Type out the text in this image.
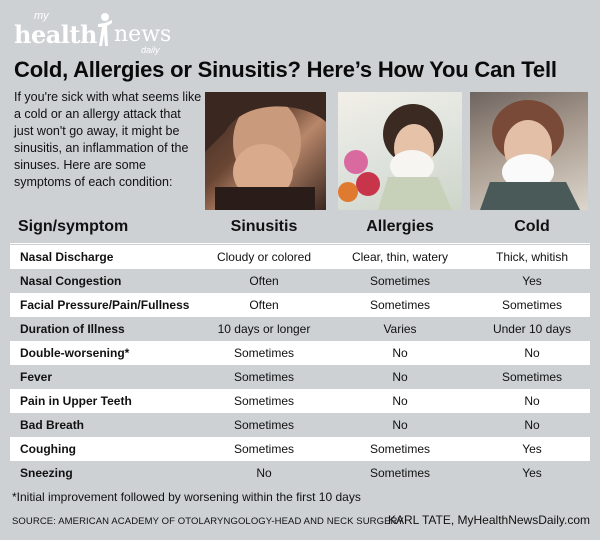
my
health news
daily
Cold, Allergies or Sinusitis? Here’s How You Can Tell

If you're sick with what seems like a cold or an allergy attack that just won't go away, it might be sinusitis, an inflammation of the sinuses. Here are some symptoms of each condition:

Sign/symptom	Sinusitis	Allergies	Cold
Nasal Discharge	Cloudy or colored	Clear, thin, watery	Thick, whitish
Nasal Congestion	Often	Sometimes	Yes
Facial Pressure/Pain/Fullness	Often	Sometimes	Sometimes
Duration of Illness	10 days or longer	Varies	Under 10 days
Double-worsening*	Sometimes	No	No
Fever	Sometimes	No	Sometimes
Pain in Upper Teeth	Sometimes	No	No
Bad Breath	Sometimes	No	No
Coughing	Sometimes	Sometimes	Yes
Sneezing	No	Sometimes	Yes
*Initial improvement followed by worsening within the first 10 days
SOURCE: AMERICAN ACADEMY OF OTOLARYNGOLOGY-HEAD AND NECK SURGERY
KARL TATE, MyHealthNewsDaily.com
